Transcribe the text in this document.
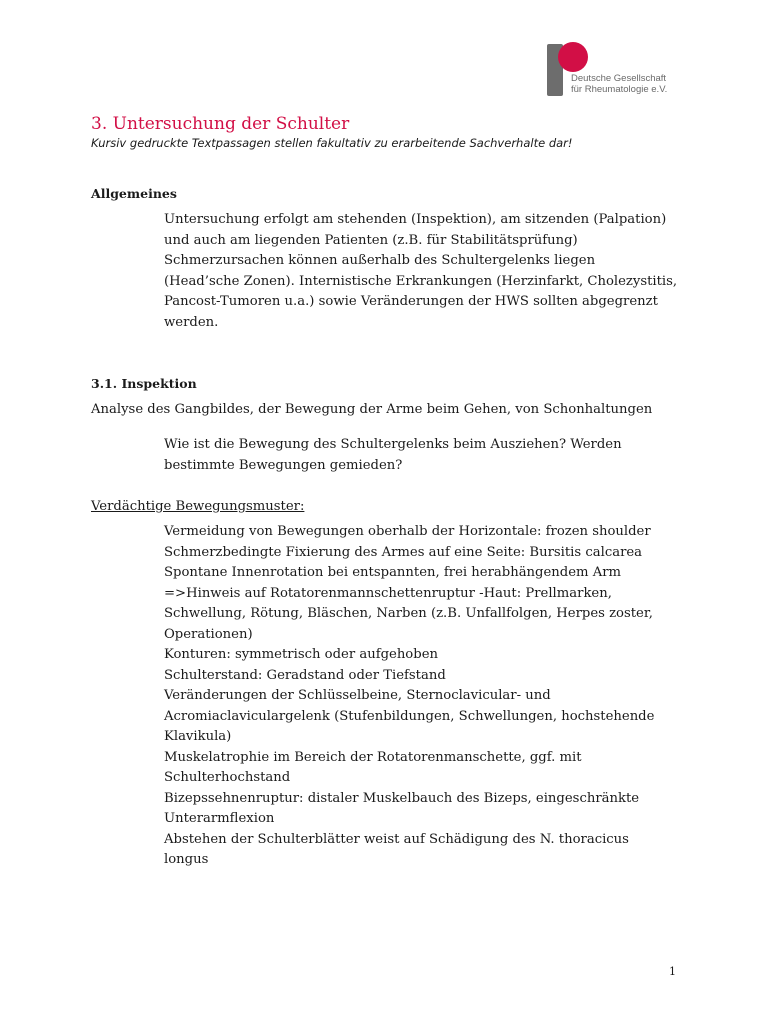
Deutsche Gesellschaft
für Rheumatologie e.V.
3. Untersuchung der Schulter
Kursiv gedruckte Textpassagen stellen fakultativ zu erarbeitende Sachverhalte dar!
Allgemeines
Untersuchung erfolgt am stehenden (Inspektion), am sitzenden (Palpation)
und auch am liegenden Patienten (z.B. für Stabilitätsprüfung)
Schmerzursachen können außerhalb des Schultergelenks liegen
(Head’sche Zonen). Internistische Erkrankungen (Herzinfarkt, Cholezystitis,
Pancost-Tumoren u.a.) sowie Veränderungen der HWS sollten abgegrenzt
werden.
3.1. Inspektion
Analyse des Gangbildes, der Bewegung der Arme beim Gehen, von Schonhaltungen
Wie ist die Bewegung des Schultergelenks beim Ausziehen? Werden
bestimmte Bewegungen gemieden?
Verdächtige Bewegungsmuster:
Vermeidung von Bewegungen oberhalb der Horizontale: frozen shoulder
Schmerzbedingte Fixierung des Armes auf eine Seite: Bursitis calcarea
Spontane Innenrotation bei entspannten, frei herabhängendem Arm
=>Hinweis auf Rotatorenmannschettenruptur -Haut: Prellmarken,
Schwellung, Rötung, Bläschen, Narben (z.B. Unfallfolgen, Herpes zoster,
Operationen)
Konturen: symmetrisch oder aufgehoben
Schulterstand: Geradstand oder Tiefstand
Veränderungen der Schlüsselbeine, Sternoclavicular- und
Acromiaclaviculargelenk (Stufenbildungen, Schwellungen, hochstehende
Klavikula)
Muskelatrophie im Bereich der Rotatorenmanschette, ggf. mit
Schulterhochstand
Bizepssehnenruptur: distaler Muskelbauch des Bizeps, eingeschränkte
Unterarmflexion
Abstehen der Schulterblätter weist auf Schädigung des N. thoracicus
longus
1
